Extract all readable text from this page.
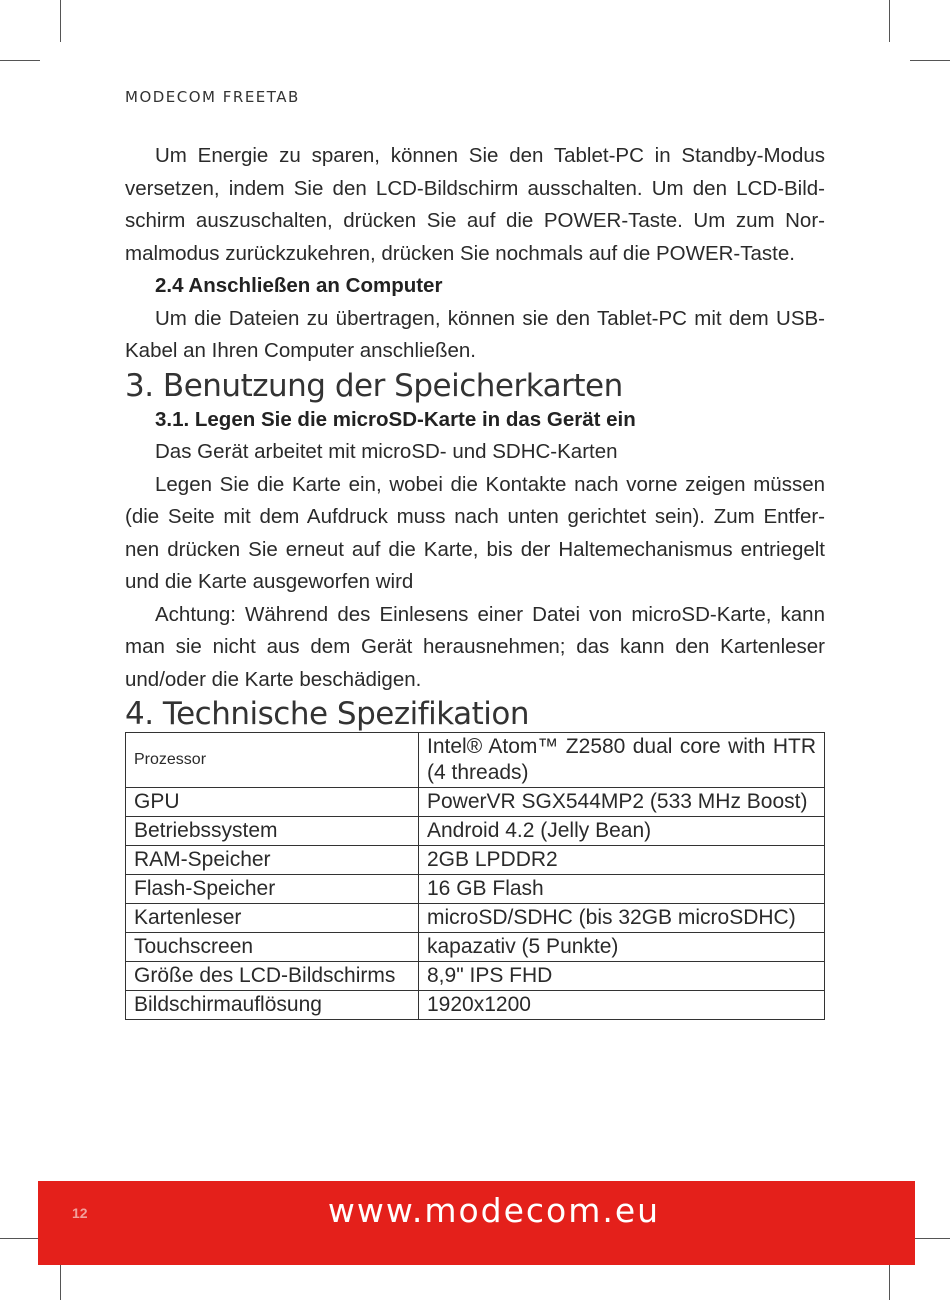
MODECOM FREETAB

Um Energie zu sparen, können Sie den Tablet-PC in Standby-Modus versetzen, indem Sie den LCD-Bildschirm ausschalten. Um den LCD-Bild-schirm auszuschalten, drücken Sie auf die POWER-Taste. Um zum Nor-malmodus zurückzukehren, drücken Sie nochmals auf die POWER-Taste.

2.4 Anschließen an Computer

Um die Dateien zu übertragen, können sie den Tablet-PC mit dem USB-Kabel an Ihren Computer anschließen.

3. Benutzung der Speicherkarten
3.1. Legen Sie die microSD-Karte in das Gerät ein

Das Gerät arbeitet mit microSD- und SDHC-Karten

Legen Sie die Karte ein, wobei die Kontakte nach vorne zeigen müssen (die Seite mit dem Aufdruck muss nach unten gerichtet sein). Zum Entfer-nen drücken Sie erneut auf die Karte, bis der Haltemechanismus entriegelt und die Karte ausgeworfen wird

Achtung: Während des Einlesens einer Datei von microSD-Karte, kann man sie nicht aus dem Gerät herausnehmen; das kann den Kartenleser und/oder die Karte beschädigen.

4. Technische Spezifikation
Prozessor	Intel® Atom™ Z2580 dual core with HTR (4 threads)
GPU	PowerVR SGX544MP2 (533 MHz Boost)
Betriebssystem	Android 4.2 (Jelly Bean)
RAM-Speicher	2GB LPDDR2
Flash-Speicher	16 GB Flash
Kartenleser	microSD/SDHC (bis 32GB microSDHC)
Touchscreen	kapazativ (5 Punkte)
Größe des LCD-Bildschirms	8,9" IPS FHD
Bildschirmauflösung	1920x1200
12	www.modecom.eu
